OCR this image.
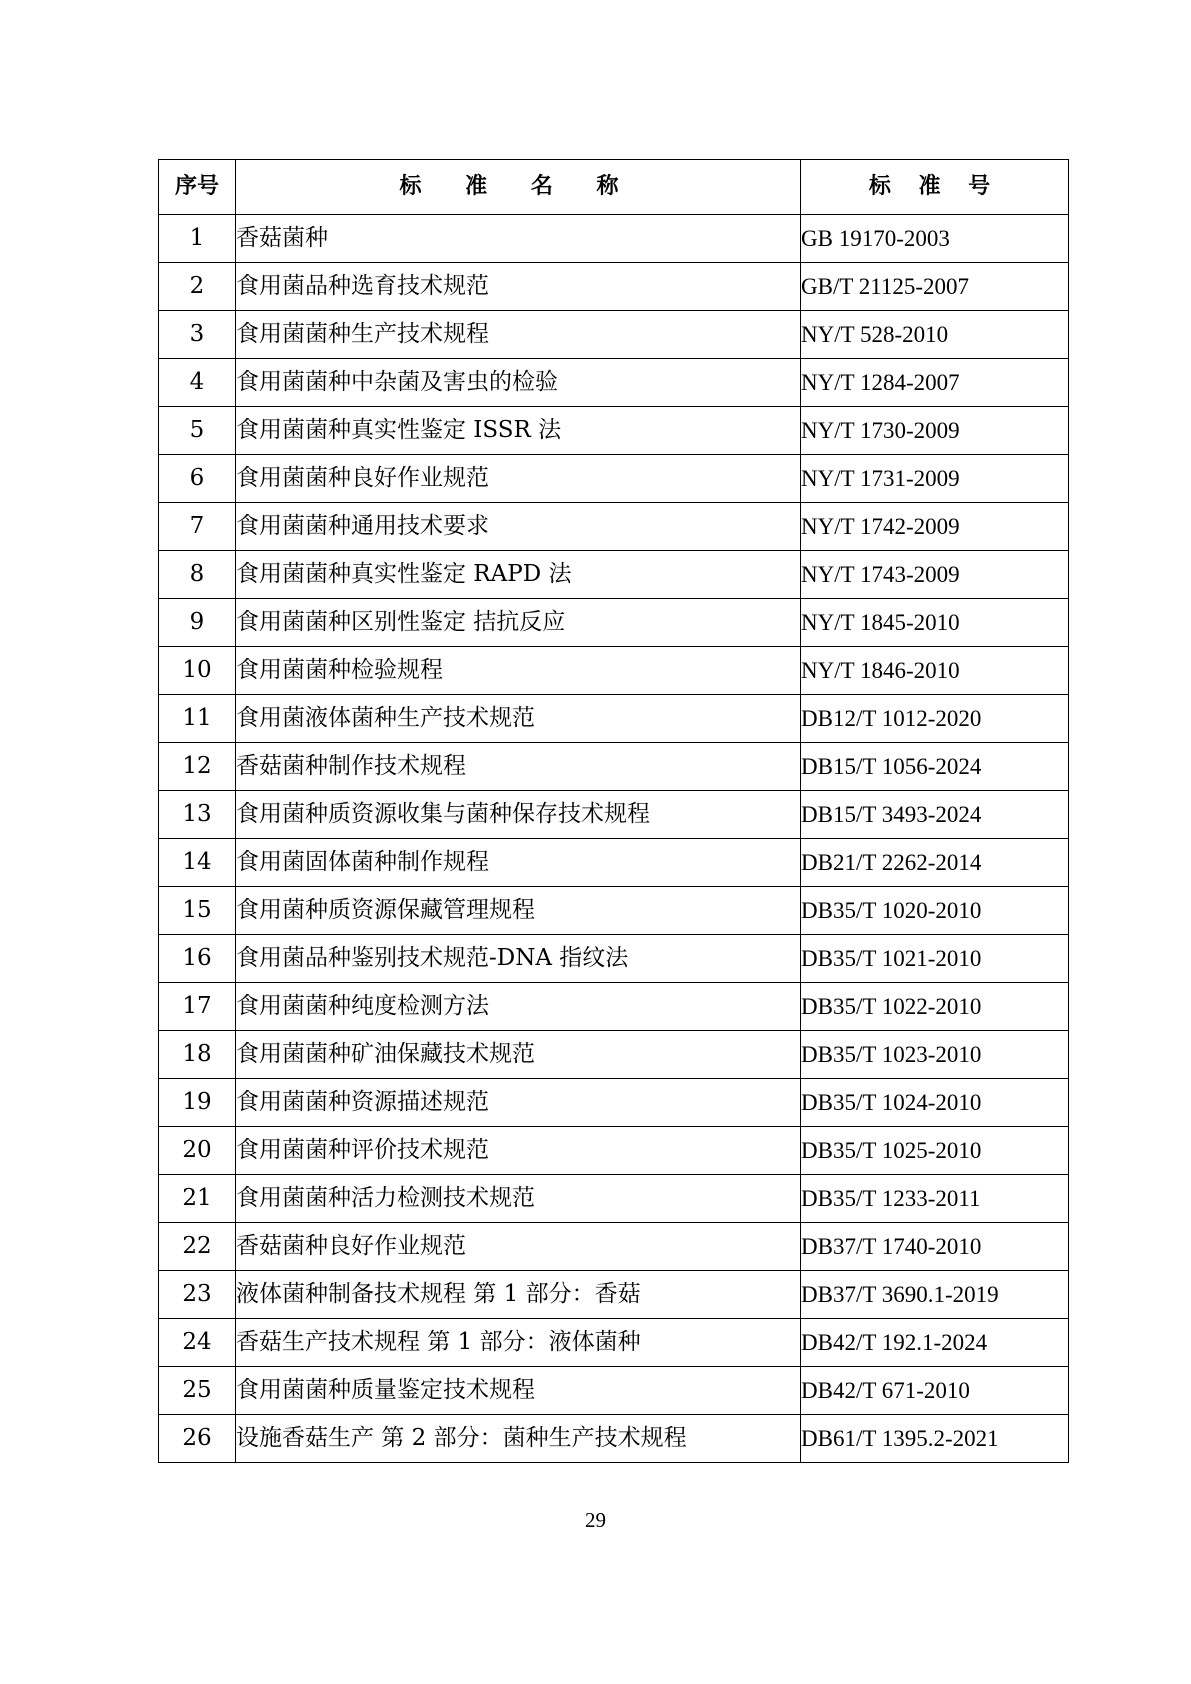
序号	标 准 名 称	标 准 号
1	香菇菌种	GB 19170-2003
2	食用菌品种选育技术规范	GB/T 21125-2007
3	食用菌菌种生产技术规程	NY/T 528-2010
4	食用菌菌种中杂菌及害虫的检验	NY/T 1284-2007
5	食用菌菌种真实性鉴定 ISSR 法	NY/T 1730-2009
6	食用菌菌种良好作业规范	NY/T 1731-2009
7	食用菌菌种通用技术要求	NY/T 1742-2009
8	食用菌菌种真实性鉴定 RAPD 法	NY/T 1743-2009
9	食用菌菌种区别性鉴定 拮抗反应	NY/T 1845-2010
10	食用菌菌种检验规程	NY/T 1846-2010
11	食用菌液体菌种生产技术规范	DB12/T 1012-2020
12	香菇菌种制作技术规程	DB15/T 1056-2024
13	食用菌种质资源收集与菌种保存技术规程	DB15/T 3493-2024
14	食用菌固体菌种制作规程	DB21/T 2262-2014
15	食用菌种质资源保藏管理规程	DB35/T 1020-2010
16	食用菌品种鉴别技术规范-DNA 指纹法	DB35/T 1021-2010
17	食用菌菌种纯度检测方法	DB35/T 1022-2010
18	食用菌菌种矿油保藏技术规范	DB35/T 1023-2010
19	食用菌菌种资源描述规范	DB35/T 1024-2010
20	食用菌菌种评价技术规范	DB35/T 1025-2010
21	食用菌菌种活力检测技术规范	DB35/T 1233-2011
22	香菇菌种良好作业规范	DB37/T 1740-2010
23	液体菌种制备技术规程 第 1 部分：香菇	DB37/T 3690.1-2019
24	香菇生产技术规程 第 1 部分：液体菌种	DB42/T 192.1-2024
25	食用菌菌种质量鉴定技术规程	DB42/T 671-2010
26	设施香菇生产 第 2 部分：菌种生产技术规程	DB61/T 1395.2-2021
29
